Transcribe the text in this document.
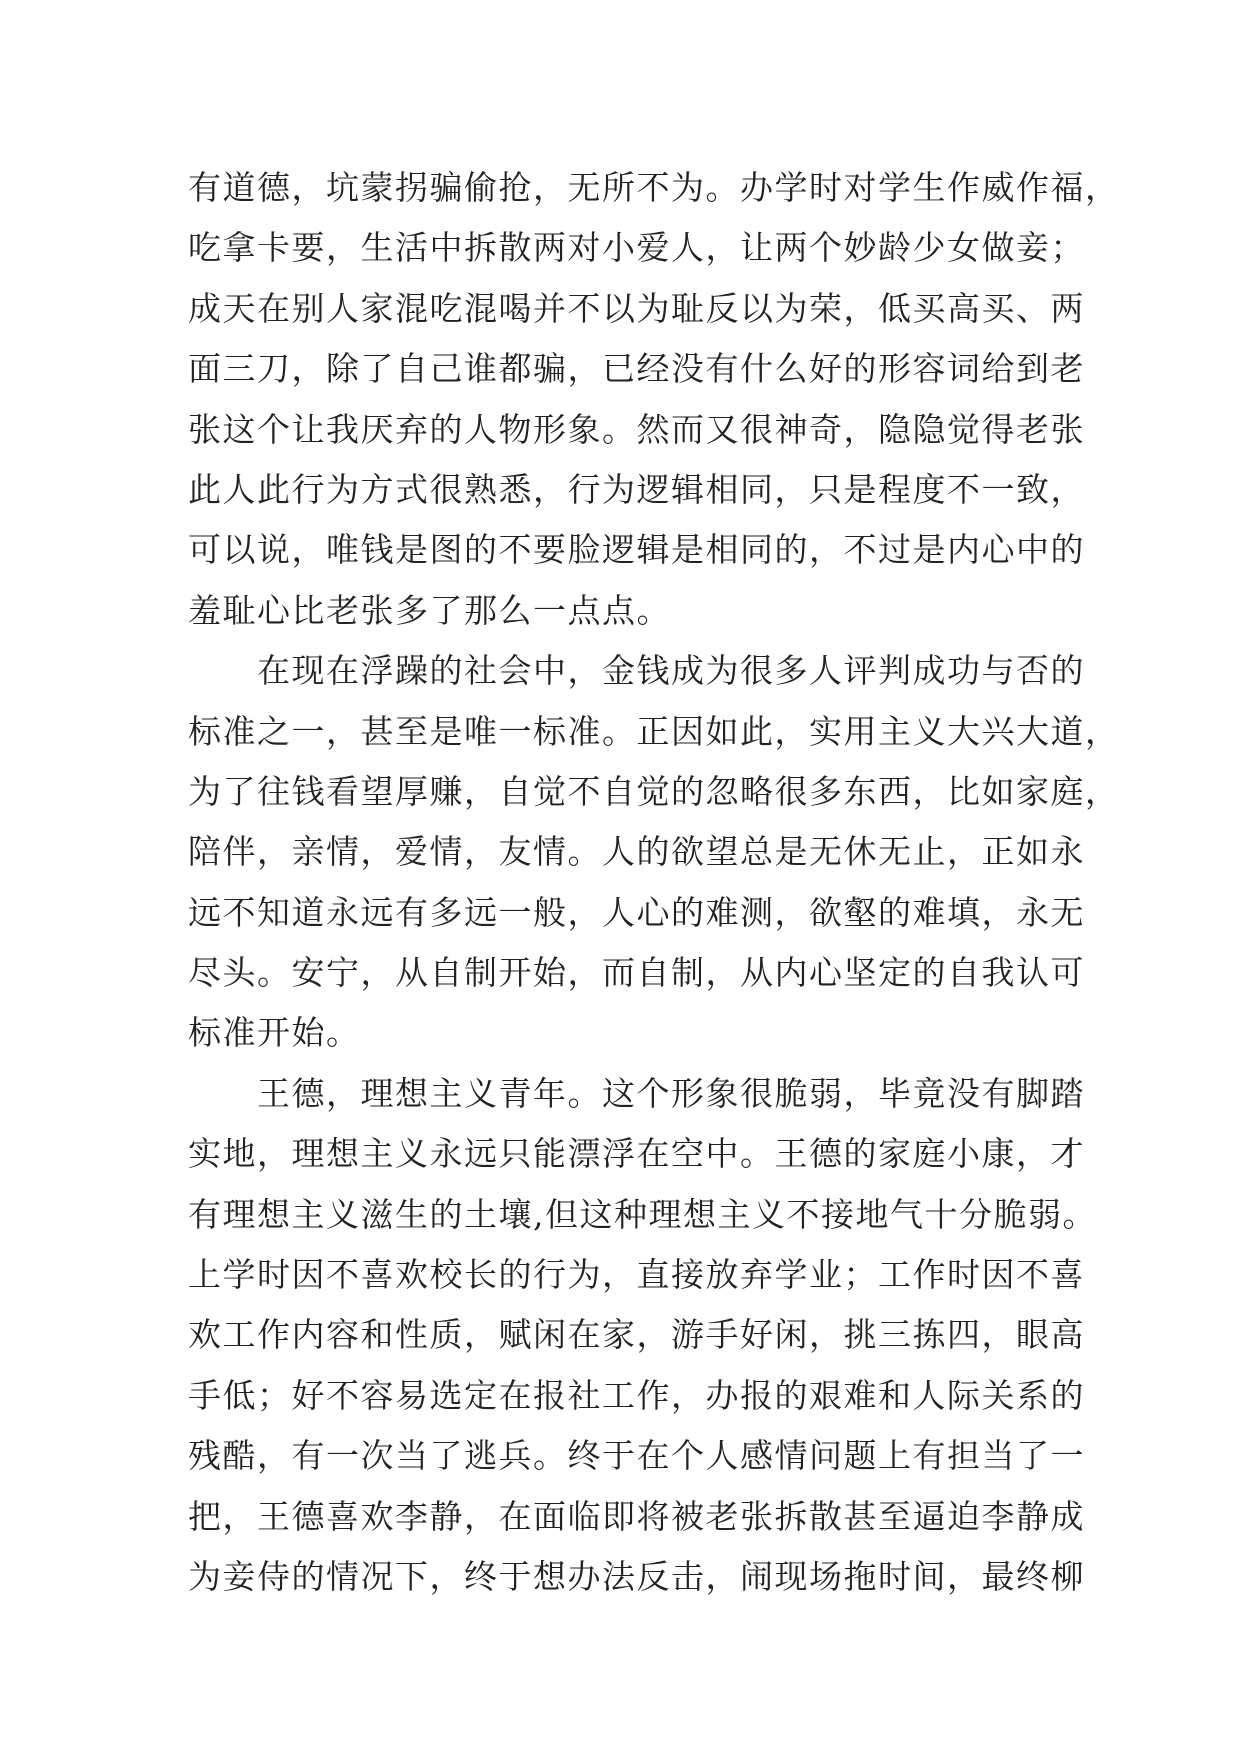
有道德，坑蒙拐骗偷抢，无所不为。办学时对学生作威作福，
吃拿卡要，生活中拆散两对小爱人，让两个妙龄少女做妾；
成天在别人家混吃混喝并不以为耻反以为荣，低买高买、两
面三刀，除了自己谁都骗，已经没有什么好的形容词给到老
张这个让我厌弃的人物形象。然而又很神奇，隐隐觉得老张
此人此行为方式很熟悉，行为逻辑相同，只是程度不一致，
可以说，唯钱是图的不要脸逻辑是相同的，不过是内心中的
羞耻心比老张多了那么一点点。
　　在现在浮躁的社会中，金钱成为很多人评判成功与否的
标准之一，甚至是唯一标准。正因如此，实用主义大兴大道，
为了往钱看望厚赚，自觉不自觉的忽略很多东西，比如家庭，
陪伴，亲情，爱情，友情。人的欲望总是无休无止，正如永
远不知道永远有多远一般，人心的难测，欲壑的难填，永无
尽头。安宁，从自制开始，而自制，从内心坚定的自我认可
标准开始。
　　王德，理想主义青年。这个形象很脆弱，毕竟没有脚踏
实地，理想主义永远只能漂浮在空中。王德的家庭小康，才
有理想主义滋生的土壤,但这种理想主义不接地气十分脆弱。
上学时因不喜欢校长的行为，直接放弃学业；工作时因不喜
欢工作内容和性质，赋闲在家，游手好闲，挑三拣四，眼高
手低；好不容易选定在报社工作，办报的艰难和人际关系的
残酷，有一次当了逃兵。终于在个人感情问题上有担当了一
把，王德喜欢李静，在面临即将被老张拆散甚至逼迫李静成
为妾侍的情况下，终于想办法反击，闹现场拖时间，最终柳
